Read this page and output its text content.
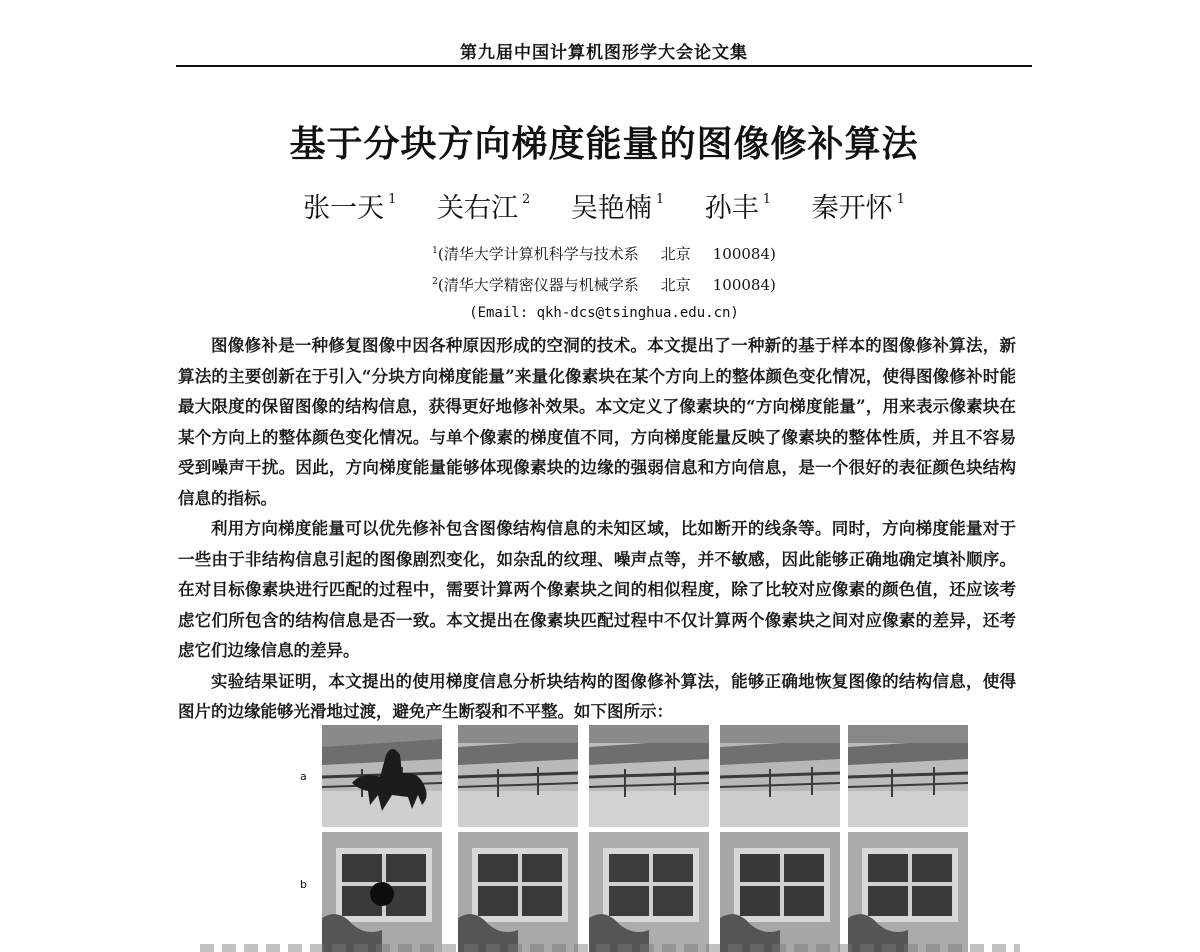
第九届中国计算机图形学大会论文集
基于分块方向梯度能量的图像修补算法
张一天 $^1$ 关右江 $^2$ 吴艳楠 $^1$ 孙丰 $^1$ 秦开怀 $^1$
$^1$(清华大学计算机科学与技术系 北京 100084)
$^2$(清华大学精密仪器与机械学系 北京 100084)
(Email: qkh-dcs@tsinghua.edu.cn)

图像修补是一种修复图像中因各种原因形成的空洞的技术。本文提出了一种新的基于样本的图像修补算法，新算法的主要创新在于引入“分块方向梯度能量”来量化像素块在某个方向上的整体颜色变化情况，使得图像修补时能最大限度的保留图像的结构信息，获得更好地修补效果。本文定义了像素块的“方向梯度能量”，用来表示像素块在某个方向上的整体颜色变化情况。与单个像素的梯度值不同，方向梯度能量反映了像素块的整体性质，并且不容易受到噪声干扰。因此，方向梯度能量能够体现像素块的边缘的强弱信息和方向信息，是一个很好的表征颜色块结构信息的指标。

利用方向梯度能量可以优先修补包含图像结构信息的未知区域，比如断开的线条等。同时，方向梯度能量对于一些由于非结构信息引起的图像剧烈变化，如杂乱的纹理、噪声点等，并不敏感，因此能够正确地确定填补顺序。在对目标像素块进行匹配的过程中，需要计算两个像素块之间的相似程度，除了比较对应像素的颜色值，还应该考虑它们所包含的结构信息是否一致。本文提出在像素块匹配过程中不仅计算两个像素块之间对应像素的差异，还考虑它们边缘信息的差异。

实验结果证明，本文提出的使用梯度信息分析块结构的图像修补算法，能够正确地恢复图像的结构信息，使得图片的边缘能够光滑地过渡，避免产生断裂和不平整。如下图所示：

a
b
